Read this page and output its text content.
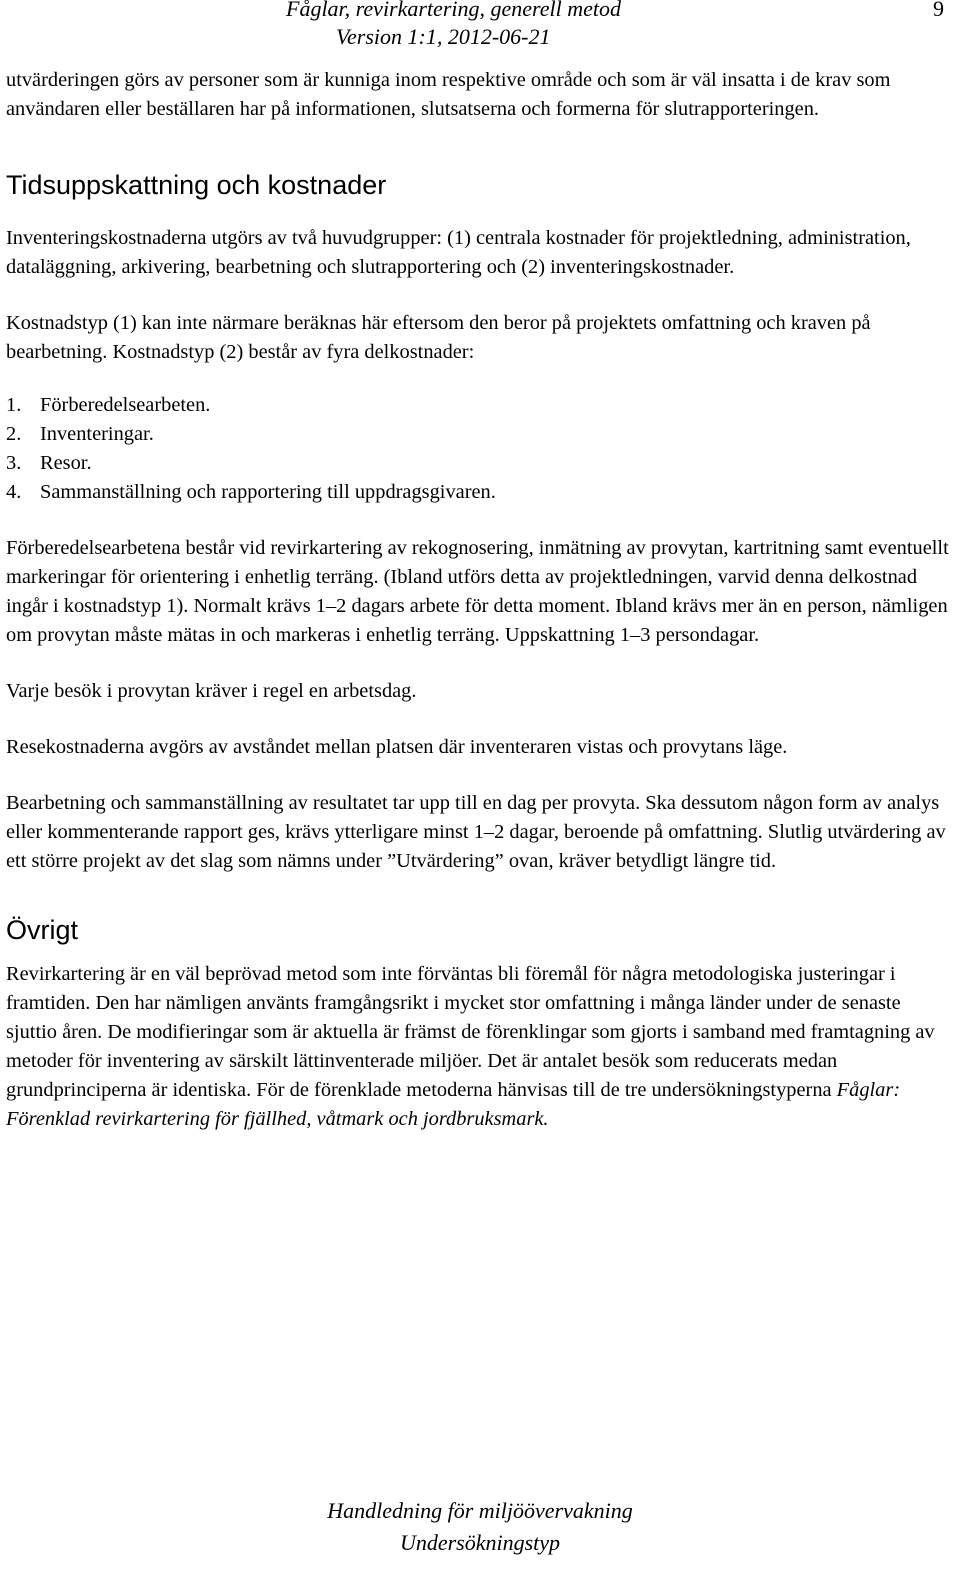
Fåglar, revirkartering, generell metod
Version 1:1, 2012-06-21
9

utvärderingen görs av personer som är kunniga inom respektive område och som är väl insatta i de krav som användaren eller beställaren har på informationen, slutsatserna och formerna för slutrapporteringen.

Tidsuppskattning och kostnader

Inventeringskostnaderna utgörs av två huvudgrupper: (1) centrala kostnader för projektledning, administration, dataläggning, arkivering, bearbetning och slutrapportering och (2) inventeringskostnader.

Kostnadstyp (1) kan inte närmare beräknas här eftersom den beror på projektets omfattning och kraven på bearbetning. Kostnadstyp (2) består av fyra delkostnader:

1. Förberedelsearbeten.
2. Inventeringar.
3. Resor.
4. Sammanställning och rapportering till uppdragsgivaren.

Förberedelsearbetena består vid revirkartering av rekognosering, inmätning av provytan, kartritning samt eventuellt markeringar för orientering i enhetlig terräng. (Ibland utförs detta av projektledningen, varvid denna delkostnad ingår i kostnadstyp 1). Normalt krävs 1–2 dagars arbete för detta moment. Ibland krävs mer än en person, nämligen om provytan måste mätas in och markeras i enhetlig terräng. Uppskattning 1–3 persondagar.

Varje besök i provytan kräver i regel en arbetsdag.

Resekostnaderna avgörs av avståndet mellan platsen där inventeraren vistas och provytans läge.

Bearbetning och sammanställning av resultatet tar upp till en dag per provyta. Ska dessutom någon form av analys eller kommenterande rapport ges, krävs ytterligare minst 1–2 dagar, beroende på omfattning. Slutlig utvärdering av ett större projekt av det slag som nämns under ”Utvärdering” ovan, kräver betydligt längre tid.

Övrigt

Revirkartering är en väl beprövad metod som inte förväntas bli föremål för några metodologiska justeringar i framtiden. Den har nämligen använts framgångsrikt i mycket stor omfattning i många länder under de senaste sjuttio åren. De modifieringar som är aktuella är främst de förenklingar som gjorts i samband med framtagning av metoder för inventering av särskilt lättinventerade miljöer. Det är antalet besök som reducerats medan grundprinciperna är identiska. För de förenklade metoderna hänvisas till de tre undersökningstyperna Fåglar: Förenklad revirkartering för fjällhed, våtmark och jordbruksmark.

Handledning för miljöövervakning
Undersökningstyp
